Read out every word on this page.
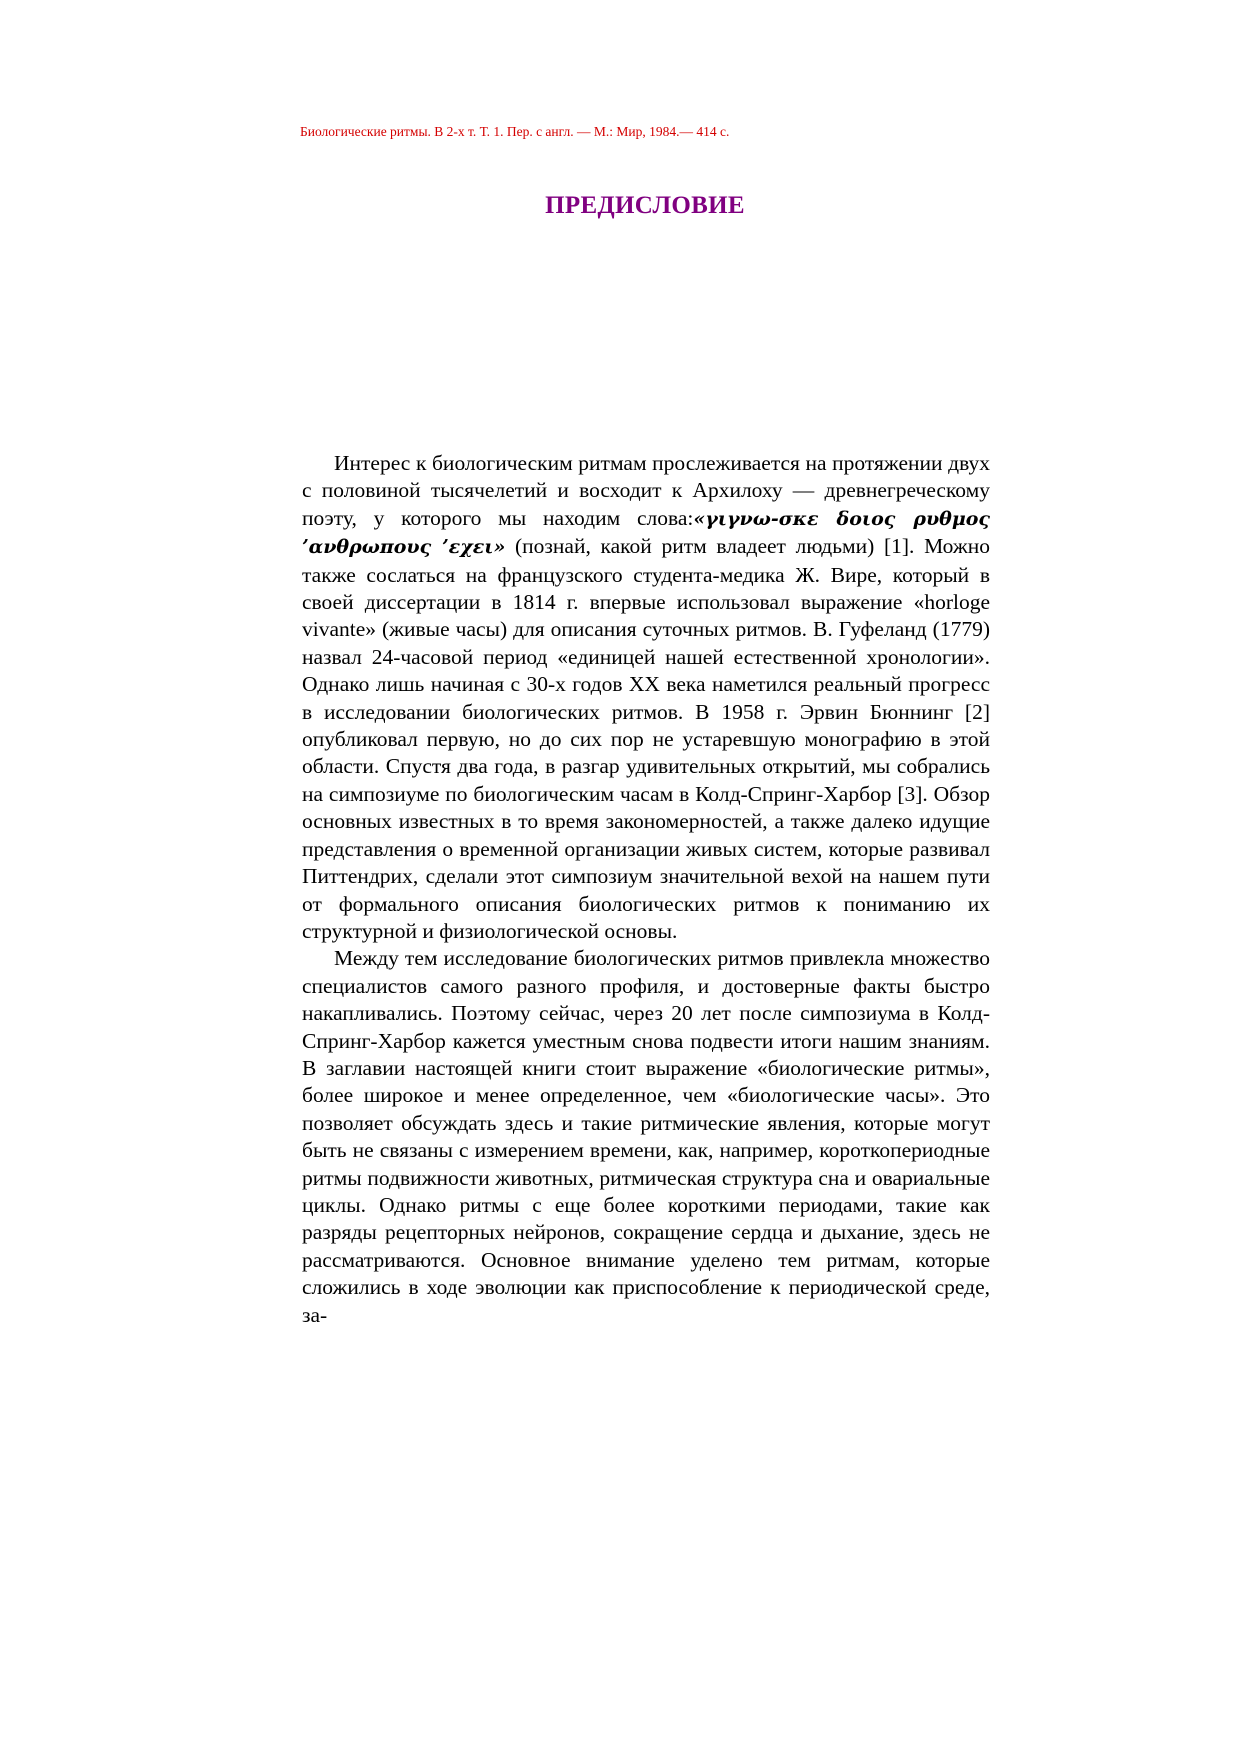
Биологические ритмы. В 2-х т. Т. 1. Пер. с англ. — М.: Мир, 1984.— 414 с.
ПРЕДИСЛОВИЕ

Интерес к биологическим ритмам прослеживается на протяжении двух с половиной тысячелетий и восходит к Архилоху — древнегреческому поэту, у которого мы находим слова:«γιγνω-σκε δοιος ρυθμος ʼανθρωπους ʼεχει» (познай, какой ритм владеет людьми) [1]. Можно также сослаться на французского студента-медика Ж. Вире, который в своей диссертации в 1814 г. впервые использовал выражение «horloge vivante» (живые часы) для описания суточных ритмов. В. Гуфеланд (1779) назвал 24-часовой период «единицей нашей естественной хронологии». Однако лишь начиная с 30-х годов XX века наметился реальный прогресс в исследовании биологических ритмов. В 1958 г. Эрвин Бюннинг [2] опубликовал первую, но до сих пор не устаревшую монографию в этой области. Спустя два года, в разгар удивительных открытий, мы собрались на симпозиуме по биологическим часам в Колд-Спринг-Харбор [3]. Обзор основных известных в то время закономерностей, а также далеко идущие представления о временной организации живых систем, которые развивал Питтендрих, сделали этот симпозиум значительной вехой на нашем пути от формального описания биологических ритмов к пониманию их структурной и физиологической основы.

Между тем исследование биологических ритмов привлекла множество специалистов самого разного профиля, и достоверные факты быстро накапливались. Поэтому сейчас, через 20 лет после симпозиума в Колд-Спринг-Харбор кажется уместным снова подвести итоги нашим знаниям. В заглавии настоящей книги стоит выражение «биологические ритмы», более широкое и менее определенное, чем «биологические часы». Это позволяет обсуждать здесь и такие ритмические явления, которые могут быть не связаны с измерением времени, как, например, короткопериодные ритмы подвижности животных, ритмическая структура сна и овариальные циклы. Однако ритмы с еще более короткими периодами, такие как разряды рецепторных нейронов, сокращение сердца и дыхание, здесь не рассматриваются. Основное внимание уделено тем ритмам, которые сложились в ходе эволюции как приспособление к периодической среде, за-
